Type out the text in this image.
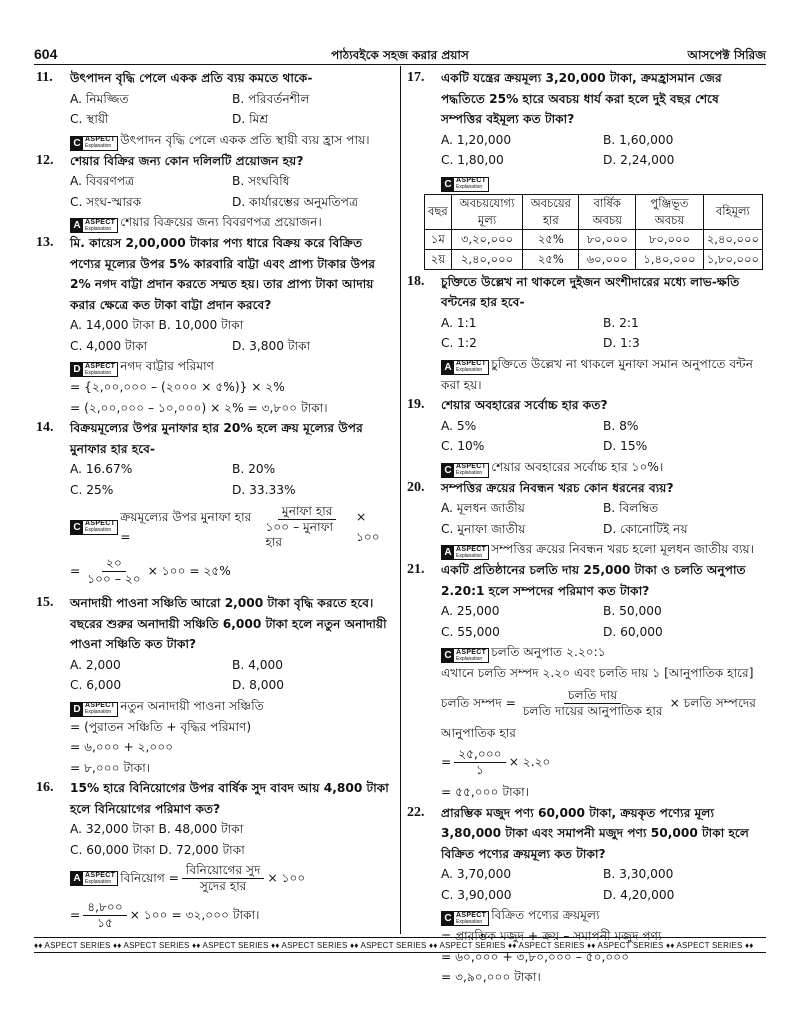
604	পাঠ্যবইকে সহজ করার প্রয়াস	আসপেক্ট সিরিজ
11. উৎপাদন বৃদ্ধি পেলে একক প্রতি ব্যয় কমতে থাকে-
A. নিমজ্জিত	B. পরিবর্তনশীল
C. স্থায়ী	D. মিশ্র
C ASPECT
Explanation উৎপাদন বৃদ্ধি পেলে একক প্রতি স্থায়ী ব্যয় হ্রাস পায়।
12. শেয়ার বিক্রির জন্য কোন দলিলটি প্রয়োজন হয়?
A. বিবরণপত্র	B. সংঘবিধি
C. সংঘ-স্মারক	D. কার্যারম্ভের অনুমতিপত্র
A ASPECT
Explanation শেয়ার বিক্রয়ের জন্য বিবরণপত্র প্রয়োজন।
13. মি. কায়েস 2,00,000 টাকার পণ্য ধারে বিক্রয় করে বিক্রিত পণ্যের মূল্যের উপর 5% কারবারি বাট্টা এবং প্রাপ্য টাকার উপর 2% নগদ বাট্টা প্রদান করতে সম্মত হয়। তার প্রাপ্য টাকা আদায় করার ক্ষেত্রে কত টাকা বাট্টা প্রদান করবে?
A. 14,000 টাকা B. 10,000 টাকা
C. 4,000 টাকা	D. 3,800 টাকা
D ASPECT
Explanation নগদ বাট্টার পরিমাণ
= {২,০০,০০০ – (২০০০ × ৫%)} × ২%
= (২,০০,০০০ – ১০,০০০) × ২% = ৩,৮০০ টাকা।
14. বিক্রয়মূল্যের উপর মুনাফার হার 20% হলে ক্রয় মূল্যের উপর মুনাফার হার হবে-
A. 16.67%	B. 20%
C. 25%	D. 33.33%
C ASPECT
Explanation
ক্রয়মূল্যের উপর মুনাফা হার =	$\frac{\text{মুনাফা হার}}{\text{১০০ – মুনাফা হার}}$ × ১০০
= $\frac{২০}{১০০ - ২০}$ × ১০০ = ২৫%
15. অনাদায়ী পাওনা সঞ্চিতি আরো 2,000 টাকা বৃদ্ধি করতে হবে। বছরের শুরুর অনাদায়ী সঞ্চিতি 6,000 টাকা হলে নতুন অনাদায়ী পাওনা সঞ্চিতি কত টাকা?
A. 2,000	B. 4,000
C. 6,000	D. 8,000
D ASPECT
Explanation নতুন অনাদায়ী পাওনা সঞ্চিতি
= (পুরাতন সঞ্চিতি + বৃদ্ধির পরিমাণ)
= ৬,০০০ + ২,০০০
= ৮,০০০ টাকা।
16. 15% হারে বিনিয়োগের উপর বার্ষিক সুদ বাবদ আয় 4,800 টাকা হলে বিনিয়োগের পরিমাণ কত?
A. 32,000 টাকা B. 48,000 টাকা
C. 60,000 টাকা D. 72,000 টাকা
A ASPECT
Explanation বিনিয়োগ = $\frac{\text{বিনিয়োগের সুদ}}{\text{সুদের হার}}$ × ১০০
= $\frac{৪,৮০০}{১৫}$ × ১০০ = ৩২,০০০ টাকা।
17. একটি যন্ত্রের ক্রয়মূল্য 3,20,000 টাকা, ক্রমহ্রাসমান জের পদ্ধতিতে 25% হারে অবচয় ধার্য করা হলে দুই বছর শেষে সম্পত্তির বইমূল্য কত টাকা?
A. 1,20,000	B. 1,60,000
C. 1,80,00	D. 2,24,000
C ASPECT
Explanation
বছর	অবচয়যোগ্য মূল্য	অবচয়ের হার	বার্ষিক অবচয়	পুঞ্জিভূত অবচয়	বহিমূল্য
১ম	৩,২০,০০০	২৫%	৮০,০০০	৮০,০০০	২,৪০,০০০
২য়	২,৪০,০০০	২৫%	৬০,০০০	১,৪০,০০০	১,৮০,০০০
18. চুক্তিতে উল্লেখ না থাকলে দুইজন অংশীদারের মধ্যে লাভ-ক্ষতি বন্টনের হার হবে-
A. 1:1	B. 2:1
C. 1:2	D. 1:3
A ASPECT
Explanation চুক্তিতে উল্লেখ না থাকলে মুনাফা সমান অনুপাতে বন্টন করা হয়।
19. শেয়ার অবহারের সর্বোচ্চ হার কত?
A. 5%	B. 8%
C. 10%	D. 15%
C ASPECT
Explanation শেয়ার অবহারের সর্বোচ্চ হার ১০%।
20. সম্পত্তির ক্রয়ের নিবন্ধন খরচ কোন ধরনের ব্যয়?
A. মূলধন জাতীয়	B. বিলম্বিত
C. মুনাফা জাতীয়	D. কোনোটিই নয়
A ASPECT
Explanation সম্পত্তির ক্রয়ের নিবন্ধন খরচ হলো মূলধন জাতীয় ব্যয়।
21. একটি প্রতিষ্ঠানের চলতি দায় 25,000 টাকা ও চলতি অনুপাত 2.20:1 হলে সম্পদের পরিমাণ কত টাকা?
A. 25,000	B. 50,000
C. 55,000	D. 60,000
C ASPECT
Explanation চলতি অনুপাত ২.২০:১
এখানে চলতি সম্পদ ২.২০ এবং চলতি দায় ১ [আনুপাতিক হারে]
চলতি সম্পদ = $\frac{\text{চলতি দায়}}{\text{চলতি দায়ের আনুপাতিক হার}}$ × চলতি সম্পদের
আনুপাতিক হার
= $\frac{২৫,০০০}{১}$ × ২.২০
= ৫৫,০০০ টাকা।
22. প্রারম্ভিক মজুদ পণ্য 60,000 টাকা, ক্রয়কৃত পণ্যের মূল্য 3,80,000 টাকা এবং সমাপনী মজুদ পণ্য 50,000 টাকা হলে বিক্রিত পণ্যের ক্রয়মূল্য কত টাকা?
A. 3,70,000	B. 3,30,000
C. 3,90,000	D. 4,20,000
C ASPECT
Explanation বিক্রিত পণ্যের ক্রয়মূল্য
= প্রারম্ভিক মজুদ + ক্রয় – সমাপনী মজুদ পণ্য
= ৬০,০০০ + ৩,৮০,০০০ – ৫০,০০০
= ৩,৯০,০০০ টাকা।
♦♦ ASPECT SERIES ♦♦ ASPECT SERIES ♦♦ ASPECT SERIES ♦♦ ASPECT SERIES ♦♦ ASPECT SERIES ♦♦ ASPECT SERIES ♦♦ ASPECT SERIES ♦♦ ASPECT SERIES ♦♦ ASPECT SERIES ♦♦
